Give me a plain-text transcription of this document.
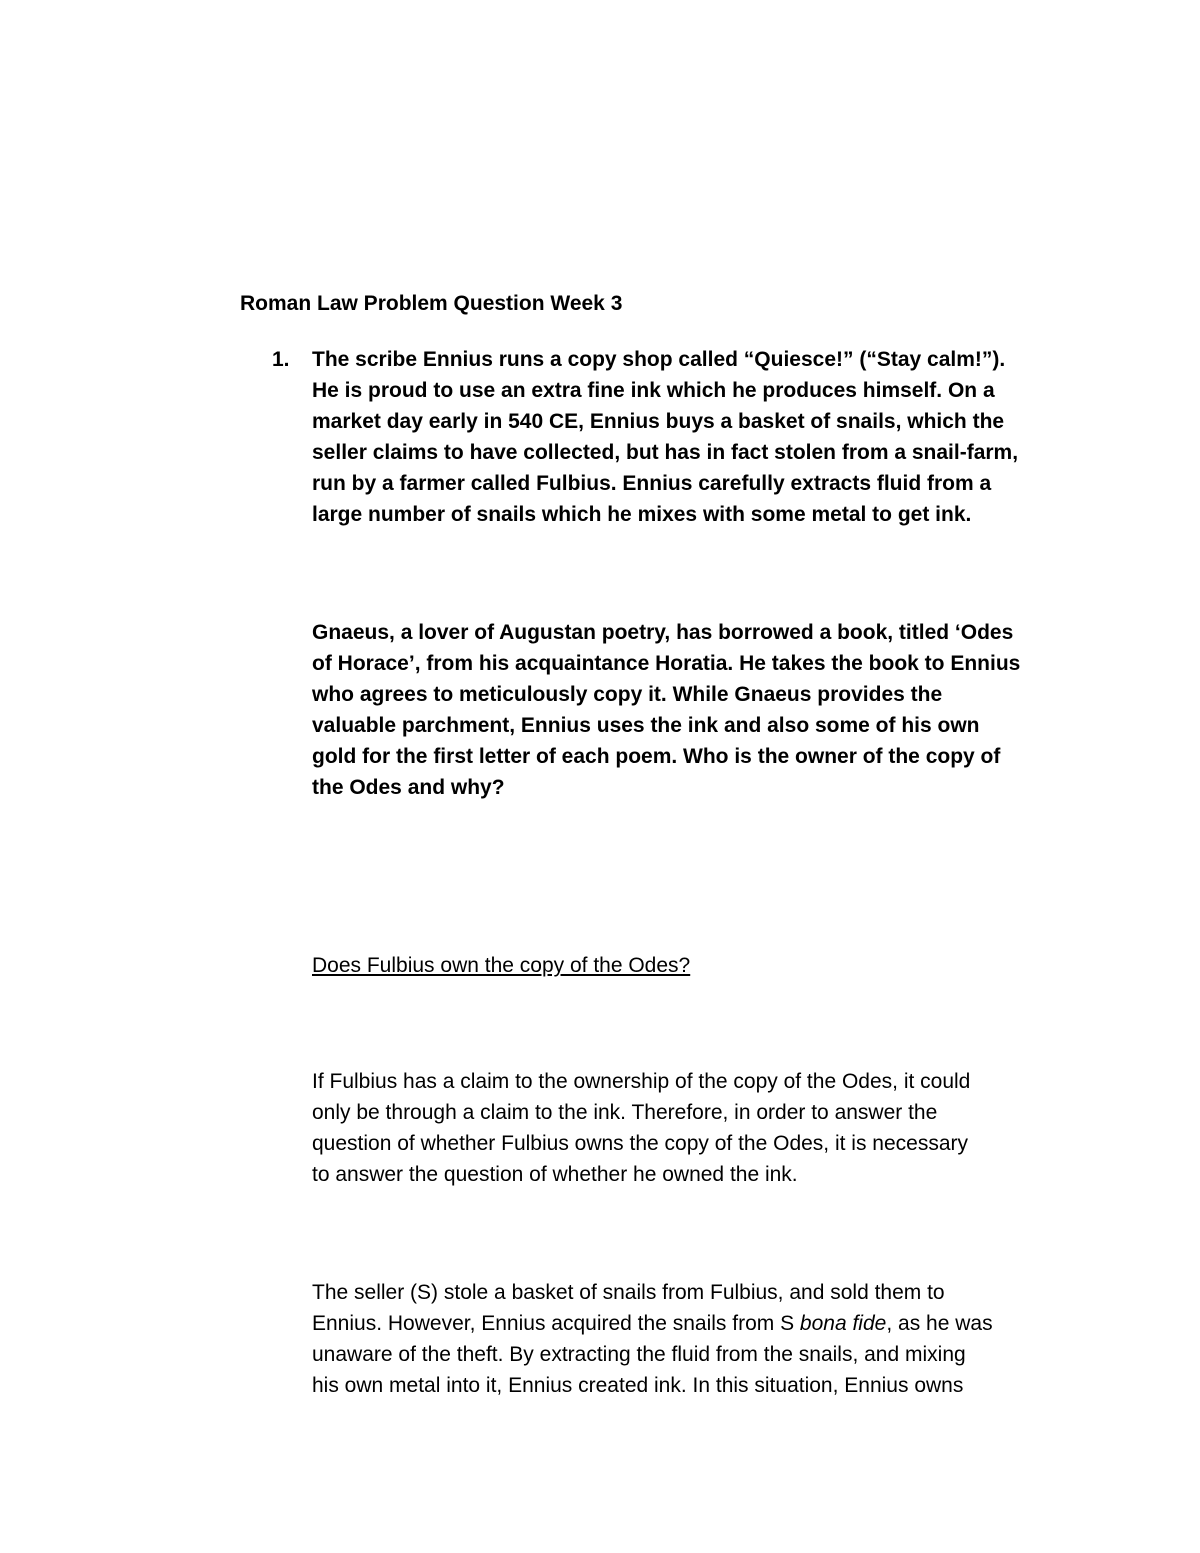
Roman Law Problem Question Week 3
1. The scribe Ennius runs a copy shop called “Quiesce!” (“Stay calm!”).
He is proud to use an extra fine ink which he produces himself. On a
market day early in 540 CE, Ennius buys a basket of snails, which the
seller claims to have collected, but has in fact stolen from a snail-farm,
run by a farmer called Fulbius. Ennius carefully extracts fluid from a
large number of snails which he mixes with some metal to get ink.
Gnaeus, a lover of Augustan poetry, has borrowed a book, titled ‘Odes
of Horace’, from his acquaintance Horatia. He takes the book to Ennius
who agrees to meticulously copy it. While Gnaeus provides the
valuable parchment, Ennius uses the ink and also some of his own
gold for the first letter of each poem. Who is the owner of the copy of
the Odes and why?
Does Fulbius own the copy of the Odes?
If Fulbius has a claim to the ownership of the copy of the Odes, it could
only be through a claim to the ink. Therefore, in order to answer the
question of whether Fulbius owns the copy of the Odes, it is necessary
to answer the question of whether he owned the ink.
The seller (S) stole a basket of snails from Fulbius, and sold them to
Ennius. However, Ennius acquired the snails from S bona fide, as he was
unaware of the theft. By extracting the fluid from the snails, and mixing
his own metal into it, Ennius created ink. In this situation, Ennius owns
